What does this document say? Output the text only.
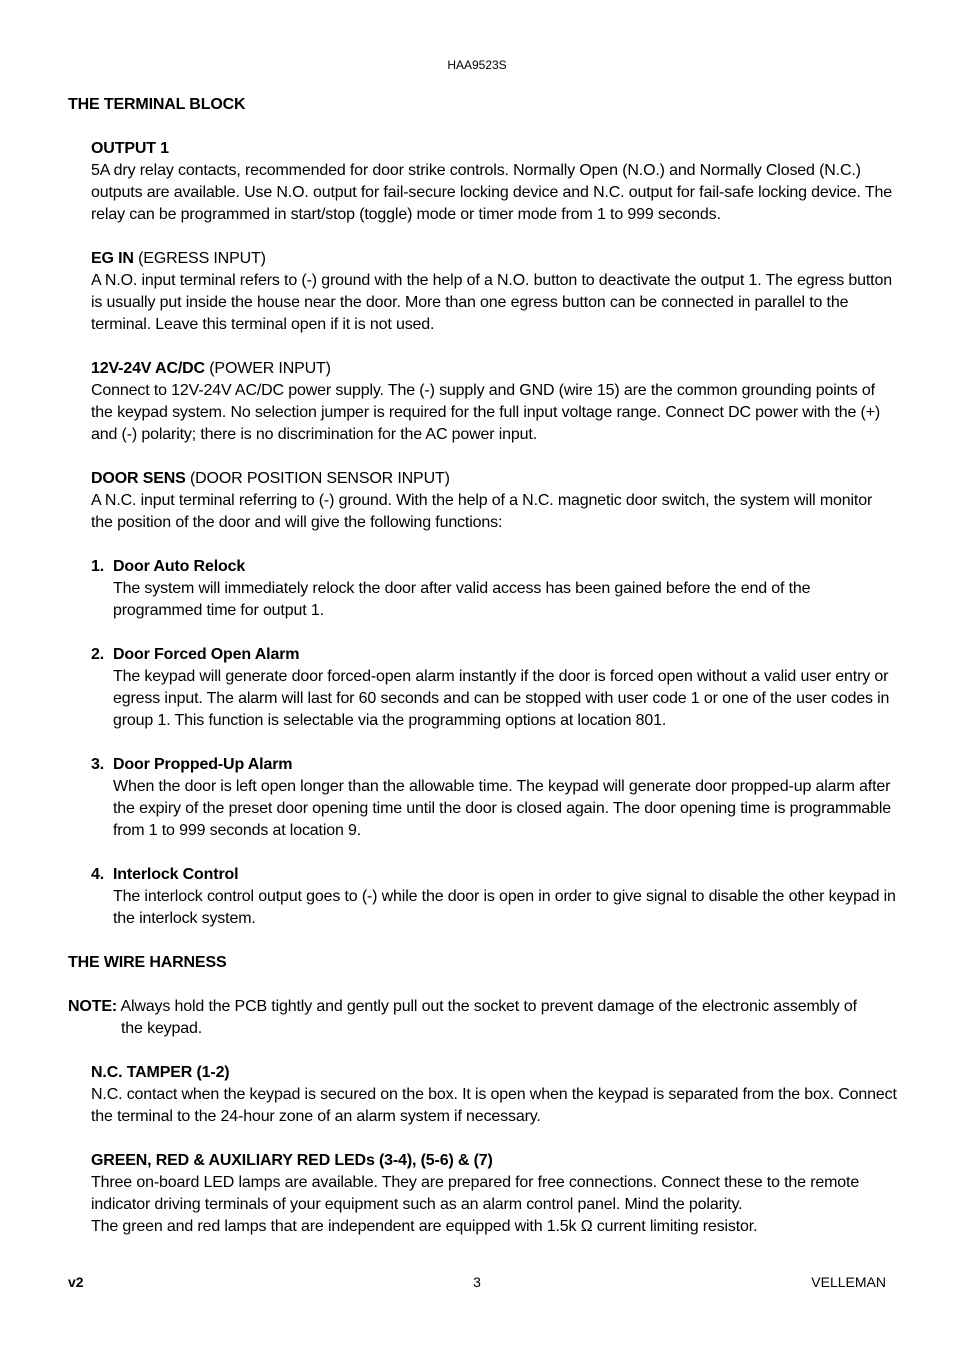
HAA9523S
THE TERMINAL BLOCK
OUTPUT 1

5A dry relay contacts, recommended for door strike controls. Normally Open (N.O.) and Normally Closed (N.C.) outputs are available. Use N.O. output for fail-secure locking device and N.C. output for fail-safe locking device. The relay can be programmed in start/stop (toggle) mode or timer mode from 1 to 999 seconds.

EG IN (EGRESS INPUT)

A N.O. input terminal refers to (-) ground with the help of a N.O. button to deactivate the output 1. The egress button is usually put inside the house near the door. More than one egress button can be connected in parallel to the terminal. Leave this terminal open if it is not used.

12V-24V AC/DC (POWER INPUT)

Connect to 12V-24V AC/DC power supply. The (-) supply and GND (wire 15) are the common grounding points of the keypad system. No selection jumper is required for the full input voltage range. Connect DC power with the (+) and (-) polarity; there is no discrimination for the AC power input.

DOOR SENS (DOOR POSITION SENSOR INPUT)

A N.C. input terminal referring to (-) ground. With the help of a N.C. magnetic door switch, the system will monitor the position of the door and will give the following functions:

1. Door Auto Relock
The system will immediately relock the door after valid access has been gained before the end of the programmed time for output 1.
2. Door Forced Open Alarm
The keypad will generate door forced-open alarm instantly if the door is forced open without a valid user entry or egress input. The alarm will last for 60 seconds and can be stopped with user code 1 or one of the user codes in group 1. This function is selectable via the programming options at location 801.
3. Door Propped-Up Alarm
When the door is left open longer than the allowable time. The keypad will generate door propped-up alarm after the expiry of the preset door opening time until the door is closed again. The door opening time is programmable from 1 to 999 seconds at location 9.
4. Interlock Control
The interlock control output goes to (-) while the door is open in order to give signal to disable the other keypad in the interlock system.
THE WIRE HARNESS
NOTE: Always hold the PCB tightly and gently pull out the socket to prevent damage of the electronic assembly of
the keypad.
N.C. TAMPER (1-2)

N.C. contact when the keypad is secured on the box. It is open when the keypad is separated from the box. Connect the terminal to the 24-hour zone of an alarm system if necessary.

GREEN, RED & AUXILIARY RED LEDs (3-4), (5-6) & (7)

Three on-board LED lamps are available. They are prepared for free connections. Connect these to the remote indicator driving terminals of your equipment such as an alarm control panel. Mind the polarity.

The green and red lamps that are independent are equipped with 1.5k Ω current limiting resistor.

v2	3	VELLEMAN
